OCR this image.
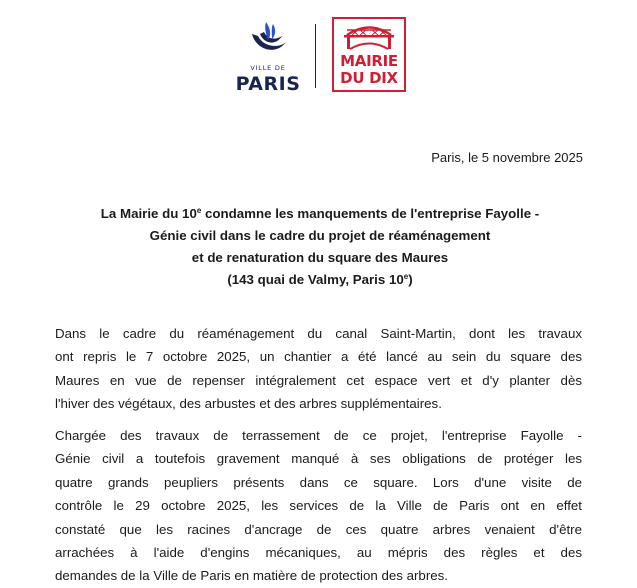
VILLE DE
PARIS
MAIRIE
DU DIX
Paris, le 5 novembre 2025
La Mairie du 10e condamne les manquements de l'entreprise Fayolle -
Génie civil dans le cadre du projet de réaménagement
et de renaturation du square des Maures
(143 quai de Valmy, Paris 10e)
Dans le cadre du réaménagement du canal Saint-Martin, dont les travaux
ont repris le 7 octobre 2025, un chantier a été lancé au sein du square des
Maures en vue de repenser intégralement cet espace vert et d'y planter dès
l'hiver des végétaux, des arbustes et des arbres supplémentaires.
Chargée des travaux de terrassement de ce projet, l'entreprise Fayolle -
Génie civil a toutefois gravement manqué à ses obligations de protéger les
quatre grands peupliers présents dans ce square. Lors d'une visite de
contrôle le 29 octobre 2025, les services de la Ville de Paris ont en effet
constaté que les racines d'ancrage de ces quatre arbres venaient d'être
arrachées à l'aide d'engins mécaniques, au mépris des règles et des
demandes de la Ville de Paris en matière de protection des arbres.
